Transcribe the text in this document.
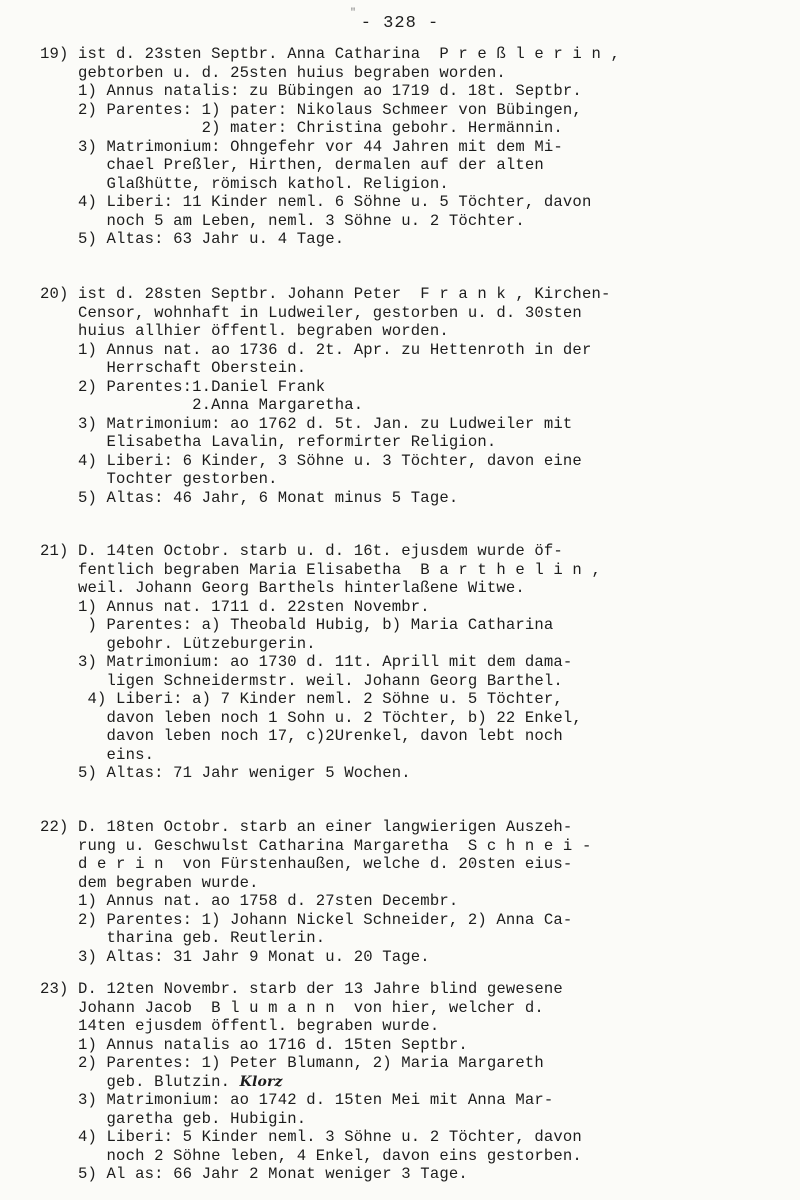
"
- 328 -
19) ist d. 23sten Septbr. Anna Catharina  P r e ß l e r i n ,
gebtorben u. d. 25sten huius begraben worden.
1) Annus natalis: zu Bübingen ao 1719 d. 18t. Septbr.
2) Parentes: 1) pater: Nikolaus Schmeer von Bübingen,
2) mater: Christina gebohr. Hermännin.
3) Matrimonium: Ohngefehr vor 44 Jahren mit dem Mi-
chael Preßler, Hirthen, dermalen auf der alten
Glaßhütte, römisch kathol. Religion.
4) Liberi: 11 Kinder neml. 6 Söhne u. 5 Töchter, davon
noch 5 am Leben, neml. 3 Söhne u. 2 Töchter.
5) Altas: 63 Jahr u. 4 Tage.
20) ist d. 28sten Septbr. Johann Peter  F r a n k , Kirchen-
Censor, wohnhaft in Ludweiler, gestorben u. d. 30sten
huius allhier öffentl. begraben worden.
1) Annus nat. ao 1736 d. 2t. Apr. zu Hettenroth in der
Herrschaft Oberstein.
2) Parentes:1.Daniel Frank
2.Anna Margaretha.
3) Matrimonium: ao 1762 d. 5t. Jan. zu Ludweiler mit
Elisabetha Lavalin, reformirter Religion.
4) Liberi: 6 Kinder, 3 Söhne u. 3 Töchter, davon eine
Tochter gestorben.
5) Altas: 46 Jahr, 6 Monat minus 5 Tage.
21) D. 14ten Octobr. starb u. d. 16t. ejusdem wurde öf-
fentlich begraben Maria Elisabetha  B a r t h e l i n ,
weil. Johann Georg Barthels hinterlaßene Witwe.
1) Annus nat. 1711 d. 22sten Novembr.
) Parentes: a) Theobald Hubig, b) Maria Catharina
gebohr. Lützeburgerin.
3) Matrimonium: ao 1730 d. 11t. Aprill mit dem dama-
ligen Schneidermstr. weil. Johann Georg Barthel.
4) Liberi: a) 7 Kinder neml. 2 Söhne u. 5 Töchter,
davon leben noch 1 Sohn u. 2 Töchter, b) 22 Enkel,
davon leben noch 17, c)2Urenkel, davon lebt noch
eins.
5) Altas: 71 Jahr weniger 5 Wochen.
22) D. 18ten Octobr. starb an einer langwierigen Auszeh-
rung u. Geschwulst Catharina Margaretha  S c h n e i -
d e r i n  von Fürstenhaußen, welche d. 20sten eius-
dem begraben wurde.
1) Annus nat. ao 1758 d. 27sten Decembr.
2) Parentes: 1) Johann Nickel Schneider, 2) Anna Ca-
tharina geb. Reutlerin.
3) Altas: 31 Jahr 9 Monat u. 20 Tage.
23) D. 12ten Novembr. starb der 13 Jahre blind gewesene
Johann Jacob  B l u m a n n  von hier, welcher d.
14ten ejusdem öffentl. begraben wurde.
1) Annus natalis ao 1716 d. 15ten Septbr.
2) Parentes: 1) Peter Blumann, 2) Maria Margareth
geb. Blutzin. Klorz
3) Matrimonium: ao 1742 d. 15ten Mei mit Anna Mar-
garetha geb. Hubigin.
4) Liberi: 5 Kinder neml. 3 Söhne u. 2 Töchter, davon
noch 2 Söhne leben, 4 Enkel, davon eins gestorben.
5) Al as: 66 Jahr 2 Monat weniger 3 Tage.
